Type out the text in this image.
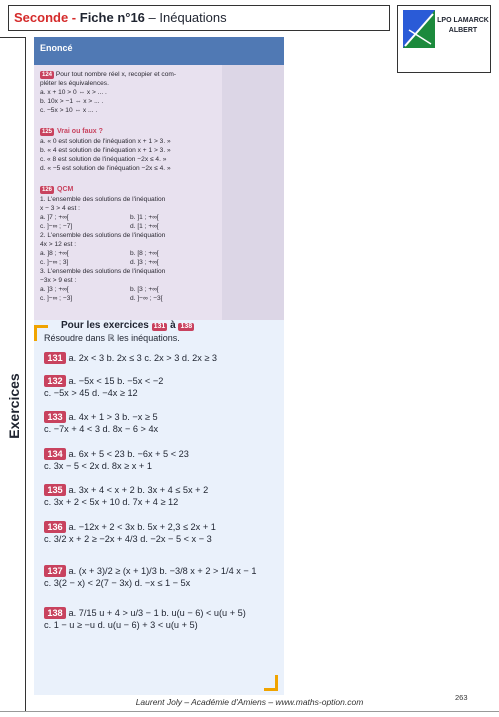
Seconde - Fiche n°16 – Inéquations	LPO LAMARCK
ALBERT
Exercices
Enoncé
124 Pour tout nombre réel x, recopier et com-
pléter les équivalences.
a. x + 10 > 0 ⇔ x > ... .
b. 10x > −1 ⇔ x > ... .
c. −5x > 10 ⇔ x ... .
125 Vrai ou faux ?
a. « 0 est solution de l'inéquation x + 1 > 3. »
b. « 4 est solution de l'inéquation x + 1 > 3. »
c. « 8 est solution de l'inéquation −2x ≤ 4. »
d. « −5 est solution de l'inéquation −2x ≤ 4. »
126 QCM
1. L'ensemble des solutions de l'inéquation
x − 3 > 4 est :
a. ]7 ; +∞[	b. ]1 ; +∞[
c. ]−∞ ; −7]	d. [1 ; +∞[
2. L'ensemble des solutions de l'inéquation
4x > 12 est :
a. ]8 ; +∞[	b. [8 ; +∞[
c. ]−∞ ; 3]	d. ]3 ; +∞[
3. L'ensemble des solutions de l'inéquation
−3x > 9 est :
a. ]3 ; +∞[	b. [3 ; +∞[
c. ]−∞ ; −3]	d. ]−∞ ; −3[
Pour les exercices 131 à 138
Résoudre dans ℝ les inéquations.
131 a. 2x < 3 b. 2x ≤ 3 c. 2x > 3 d. 2x ≥ 3
132 a. −5x < 15 b. −5x < −2
c. −5x > 45 d. −4x ≥ 12
133 a. 4x + 1 > 3 b. −x ≥ 5
c. −7x + 4 < 3 d. 8x − 6 > 4x
134 a. 6x + 5 < 23 b. −6x + 5 < 23
c. 3x − 5 < 2x d. 8x ≥ x + 1
135 a. 3x + 4 < x + 2 b. 3x + 4 ≤ 5x + 2
c. 3x + 2 < 5x + 10 d. 7x + 4 ≥ 12
136 a. −12x + 2 < 3x b. 5x + 2,3 ≤ 2x + 1
c. 3/2 x + 2 ≥ −2x + 4/3 d. −2x − 5 < x − 3
137 a. (x + 3)/2 ≥ (x + 1)/3 b. −3/8 x + 2 > 1/4 x − 1
c. 3(2 − x) < 2(7 − 3x) d. −x ≤ 1 − 5x
138 a. 7/15 u + 4 > u/3 − 1 b. u(u − 6) < u(u + 5)
c. 1 − u ≥ −u d. u(u − 6) + 3 < u(u + 5)
Laurent Joly – Académie d'Amiens – www.maths-option.com	263
